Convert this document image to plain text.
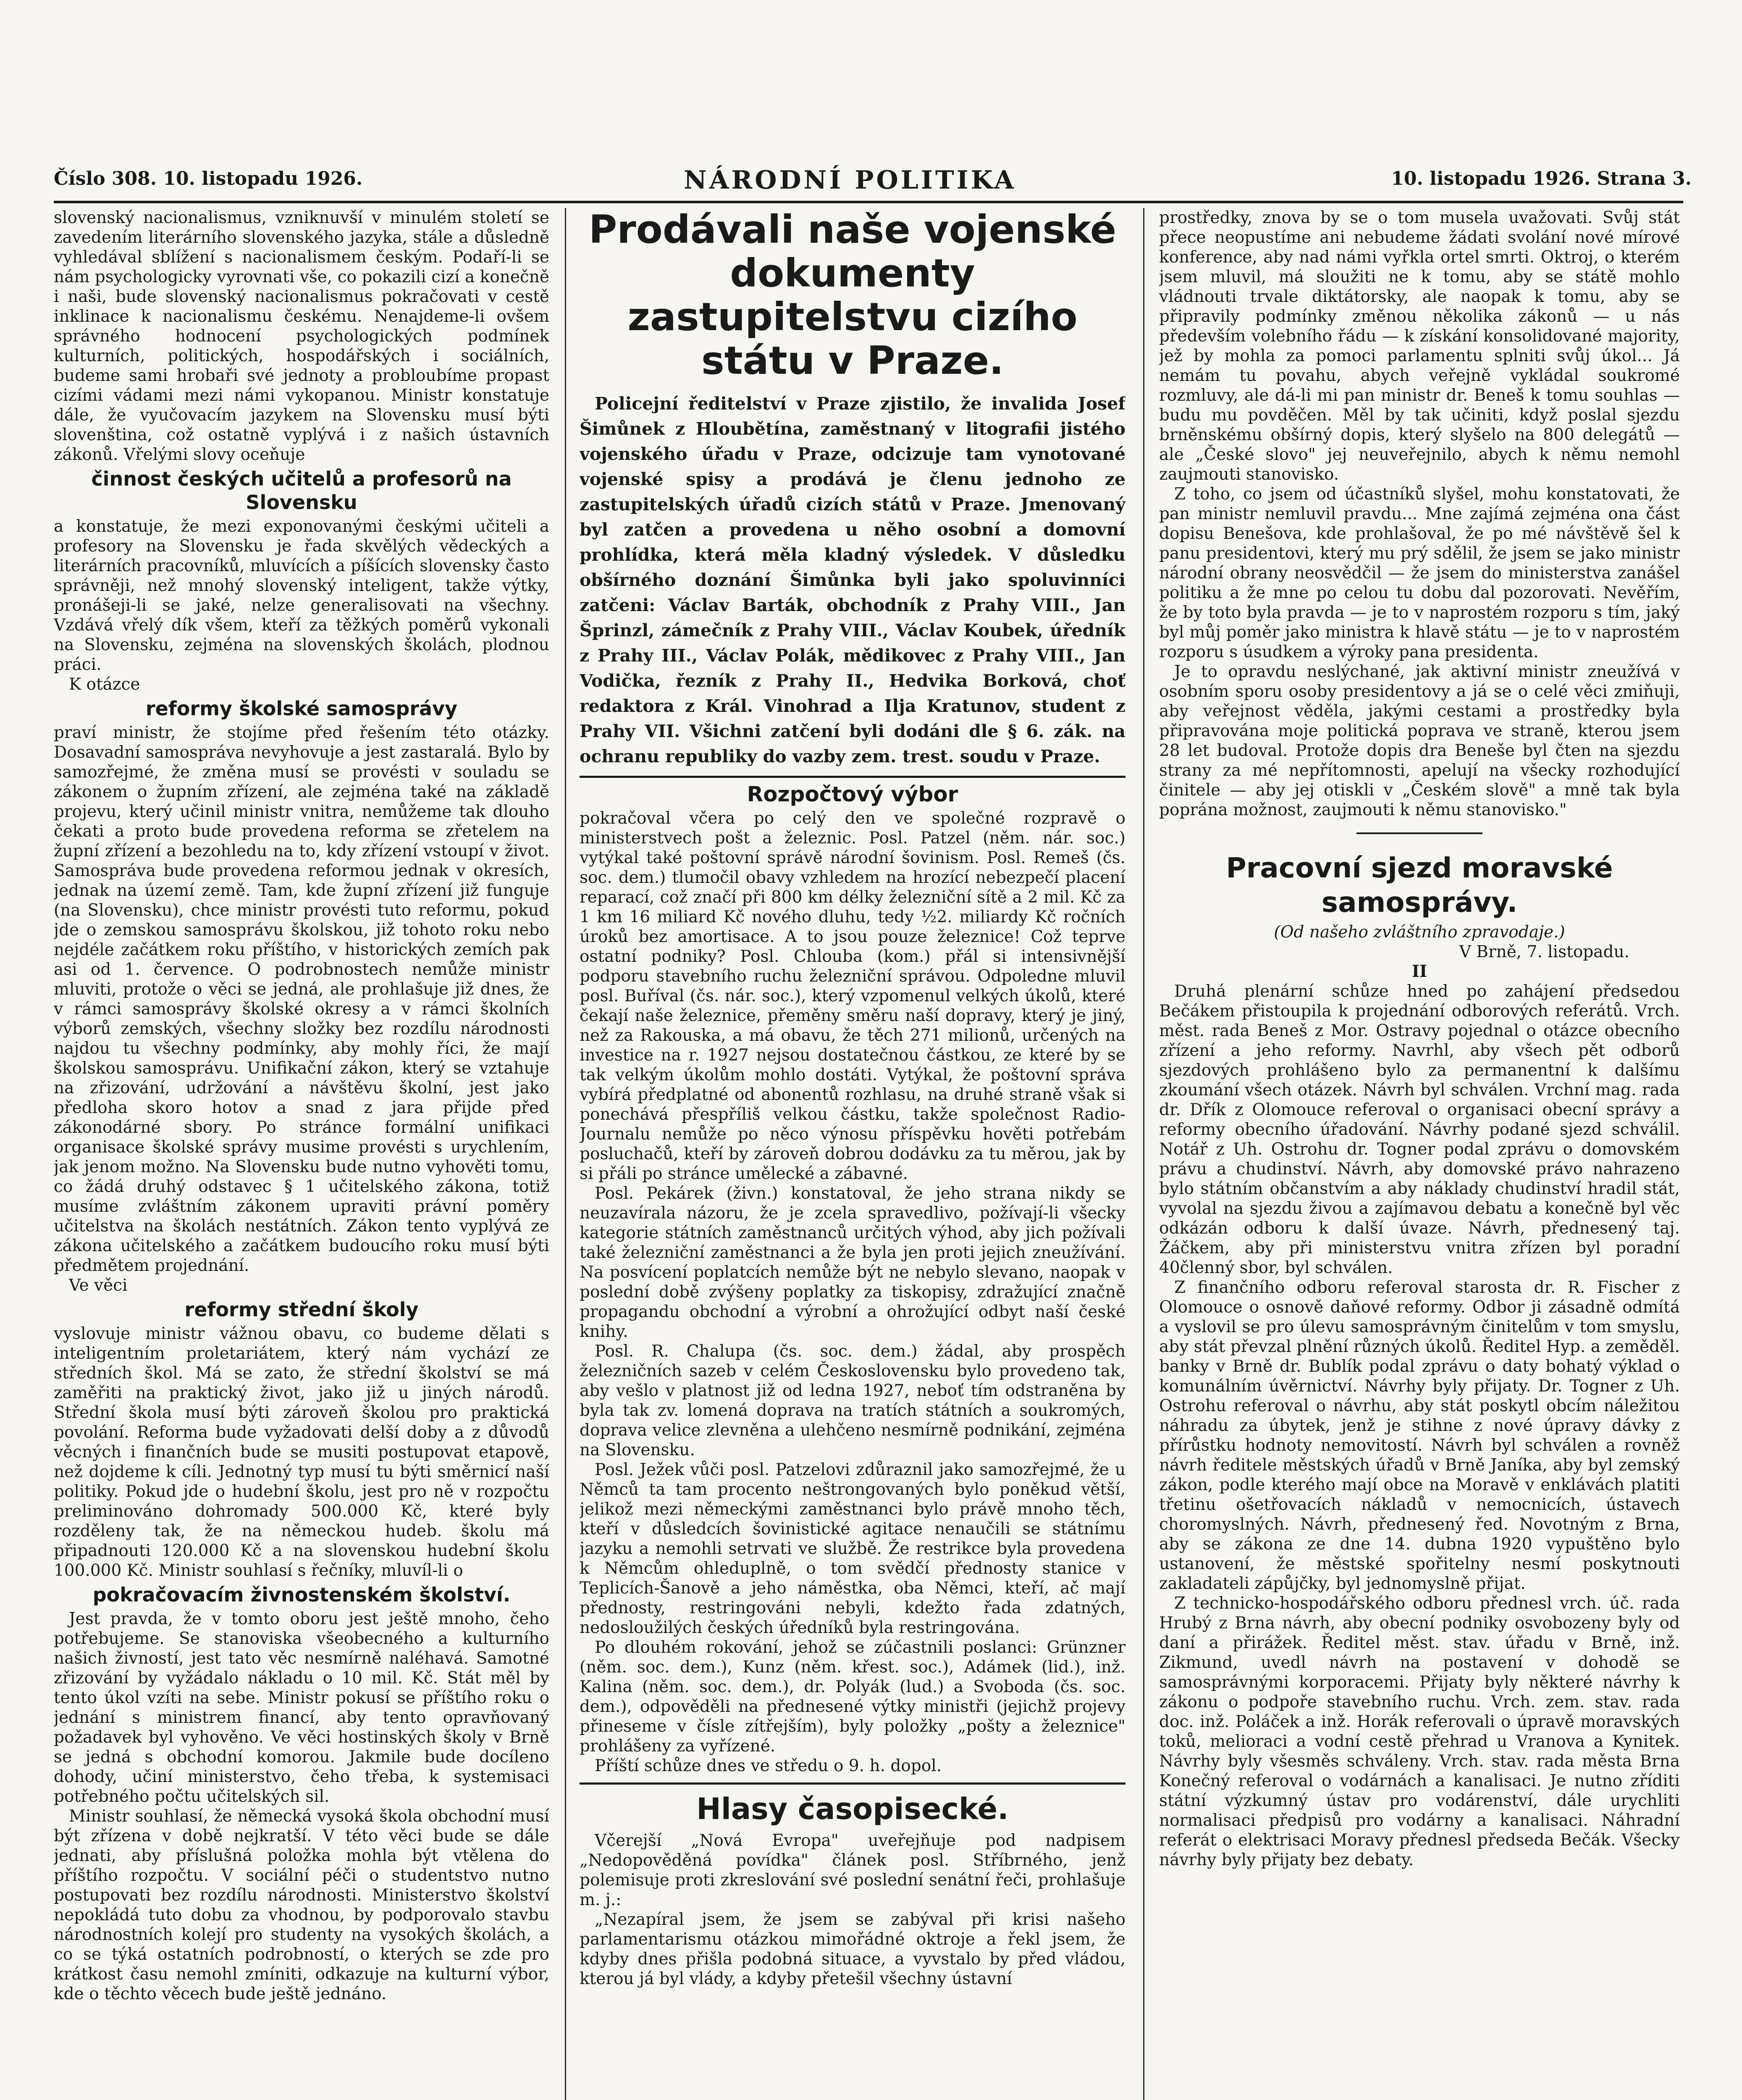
Číslo 308. 10. listopadu 1926.	NÁRODNÍ POLITIKA	10. listopadu 1926. Strana 3.

slovenský nacionalismus, vzniknuvší v minulém století se zavedením literárního slovenského jazyka, stále a důsledně vyhledával sblížení s nacionalismem českým. Podaří-li se nám psychologicky vyrovnati vše, co pokazili cizí a konečně i naši, bude slovenský nacionalismus pokračovati v cestě inklinace k nacionalismu českému. Nenajdeme-li ovšem správného hodnocení psychologických podmínek kulturních, politických, hospodářských i sociálních, budeme sami hrobaři své jednoty a probloubíme propast cizími vádami mezi námi vykopanou. Ministr konstatuje dále, že vyučovacím jazykem na Slovensku musí býti slovenština, což ostatně vyplývá i z našich ústavních zákonů. Vřelými slovy oceňuje

činnost českých učitelů a profesorů na Slovensku

a konstatuje, že mezi exponovanými českými učiteli a profesory na Slovensku je řada skvělých vědeckých a literárních pracovníků, mluvících a píšících slovensky často správněji, než mnohý slovenský inteligent, takže výtky, pronášeji-li se jaké, nelze generalisovati na všechny. Vzdává vřelý dík všem, kteří za těžkých poměrů vykonali na Slovensku, zejména na slovenských školách, plodnou práci.

K otázce

reformy školské samosprávy

praví ministr, že stojíme před řešením této otázky. Dosavadní samospráva nevyhovuje a jest zastaralá. Bylo by samozřejmé, že změna musí se provésti v souladu se zákonem o župním zřízení, ale zejména také na základě projevu, který učinil ministr vnitra, nemůžeme tak dlouho čekati a proto bude provedena reforma se zřetelem na župní zřízení a bezohledu na to, kdy zřízení vstoupí v život. Samospráva bude provedena reformou jednak v okresích, jednak na území země. Tam, kde župní zřízení již funguje (na Slovensku), chce ministr provésti tuto reformu, pokud jde o zemskou samosprávu školskou, již tohoto roku nebo nejdéle začátkem roku příštího, v historických zemích pak asi od 1. července. O podrobnostech nemůže ministr mluviti, protože o věci se jedná, ale prohlašuje již dnes, že v rámci samosprávy školské okresy a v rámci školních výborů zemských, všechny složky bez rozdílu národnosti najdou tu všechny podmínky, aby mohly říci, že mají školskou samosprávu. Unifikační zákon, který se vztahuje na zřizování, udržování a návštěvu školní, jest jako předloha skoro hotov a snad z jara přijde před zákonodárné sbory. Po stránce formální unifikaci organisace školské správy musime provésti s urychlením, jak jenom možno. Na Slovensku bude nutno vyhověti tomu, co žádá druhý odstavec § 1 učitelského zákona, totiž musíme zvláštním zákonem upraviti právní poměry učitelstva na školách nestátních. Zákon tento vyplývá ze zákona učitelského a začátkem budoucího roku musí býti předmětem projednání.

Ve věci

reformy střední školy

vyslovuje ministr vážnou obavu, co budeme dělati s inteligentním proletariátem, který nám vychází ze středních škol. Má se zato, že střední školství se má zaměřiti na praktický život, jako již u jiných národů. Střední škola musí býti zároveň školou pro praktická povolání. Reforma bude vyžadovati delší doby a z důvodů věcných i finančních bude se musiti postupovat etapově, než dojdeme k cíli. Jednotný typ musí tu býti směrnicí naší politiky. Pokud jde o hudební školu, jest pro ně v rozpočtu preliminováno dohromady 500.000 Kč, které byly rozděleny tak, že na německou hudeb. školu má připadnouti 120.000 Kč a na slovenskou hudební školu 100.000 Kč. Ministr souhlasí s řečníky, mluvíl-li o

pokračovacím živnostenském školství.

Jest pravda, že v tomto oboru jest ještě mnoho, čeho potřebujeme. Se stanoviska všeobecného a kulturního našich živností, jest tato věc nesmírně naléhavá. Samotné zřizování by vyžádalo nákladu o 10 mil. Kč. Stát měl by tento úkol vzíti na sebe. Ministr pokusí se příštího roku o jednání s ministrem financí, aby tento opravňovaný požadavek byl vyhověno. Ve věci hostinských školy v Brně se jedná s obchodní komorou. Jakmile bude docíleno dohody, učiní ministerstvo, čeho třeba, k systemisaci potřebného počtu učitelských sil.

Ministr souhlasí, že německá vysoká škola obchodní musí být zřízena v době nejkratší. V této věci bude se dále jednati, aby příslušná položka mohla být vtělena do příštího rozpočtu. V sociální péči o studentstvo nutno postupovati bez rozdílu národnosti. Ministerstvo školství nepokládá tuto dobu za vhodnou, by podporovalo stavbu národnostních kolejí pro studenty na vysokých školách, a co se týká ostatních podrobností, o kterých se zde pro krátkost času nemohl zmíniti, odkazuje na kulturní výbor, kde o těchto věcech bude ještě jednáno.

Prodávali naše vojenské dokumenty zastupitelstvu cizího státu v Praze.

Policejní ředitelství v Praze zjistilo, že invalida Josef Šimůnek z Hloubětína, zaměstnaný v litografii jistého vojenského úřadu v Praze, odcizuje tam vynotované vojenské spisy a prodává je členu jednoho ze zastupitelských úřadů cizích států v Praze. Jmenovaný byl zatčen a provedena u něho osobní a domovní prohlídka, která měla kladný výsledek. V důsledku obšírného doznání Šimůnka byli jako spoluvinníci zatčeni: Václav Barták, obchodník z Prahy VIII., Jan Šprinzl, zámečník z Prahy VIII., Václav Koubek, úředník z Prahy III., Václav Polák, mědikovec z Prahy VIII., Jan Vodička, řezník z Prahy II., Hedvika Borková, choť redaktora z Král. Vinohrad a Ilja Kratunov, student z Prahy VII. Všichni zatčení byli dodáni dle § 6. zák. na ochranu republiky do vazby zem. trest. soudu v Praze.

Rozpočtový výbor

pokračoval včera po celý den ve společné rozpravě o ministerstvech pošt a železnic. Posl. Patzel (něm. nár. soc.) vytýkal také poštovní správě národní šovinism. Posl. Remeš (čs. soc. dem.) tlumočil obavy vzhledem na hrozící nebezpečí placení reparací, což značí při 800 km délky železniční sítě a 2 mil. Kč za 1 km 16 miliard Kč nového dluhu, tedy ½2. miliardy Kč ročních úroků bez amortisace. A to jsou pouze železnice! Což teprve ostatní podniky? Posl. Chlouba (kom.) přál si intensivnější podporu stavebního ruchu železniční správou. Odpoledne mluvil posl. Buříval (čs. nár. soc.), který vzpomenul velkých úkolů, které čekají naše železnice, přeměny směru naší dopravy, který je jiný, než za Rakouska, a má obavu, že těch 271 milionů, určených na investice na r. 1927 nejsou dostatečnou částkou, ze které by se tak velkým úkolům mohlo dostáti. Vytýkal, že poštovní správa vybírá předplatné od abonentů rozhlasu, na druhé straně však si ponechává přespříliš velkou částku, takže společnost Radio-Journalu nemůže po něco výnosu příspěvku hověti potřebám posluchačů, kteří by zároveň dobrou dodávku za tu měrou, jak by si přáli po stránce umělecké a zábavné.

Posl. Pekárek (živn.) konstatoval, že jeho strana nikdy se neuzavírala názoru, že je zcela spravedlivo, požívají-li všecky kategorie státních zaměstnanců určitých výhod, aby jich požívali také železniční zaměstnanci a že byla jen proti jejich zneužívání. Na posvícení poplatcích nemůže být ne nebylo slevano, naopak v poslední době zvýšeny poplatky za tiskopisy, zdražující značně propagandu obchodní a výrobní a ohrožující odbyt naší české knihy.

Posl. R. Chalupa (čs. soc. dem.) žádal, aby prospěch železničních sazeb v celém Československu bylo provedeno tak, aby vešlo v platnost již od ledna 1927, neboť tím odstraněna by byla tak zv. lomená doprava na tratích státních a soukromých, doprava velice zlevněna a ulehčeno nesmírně podnikání, zejména na Slovensku.

Posl. Ježek vůči posl. Patzelovi zdůraznil jako samozřejmé, že u Němců ta tam procento neštrongovaných bylo poněkud větší, jelikož mezi německými zaměstnanci bylo právě mnoho těch, kteří v důsledcích šovinistické agitace nenaučili se státnímu jazyku a nemohli setrvati ve službě. Že restrikce byla provedena k Němcům ohleduplně, o tom svědčí přednosty stanice v Teplicích-Šanově a jeho náměstka, oba Němci, kteří, ač mají přednosty, restringováni nebyli, kdežto řada zdatných, nedosloužilých českých úředníků byla restringována.

Po dlouhém rokování, jehož se zúčastnili poslanci: Grünzner (něm. soc. dem.), Kunz (něm. křest. soc.), Adámek (lid.), inž. Kalina (něm. soc. dem.), dr. Polyák (lud.) a Svoboda (čs. soc. dem.), odpověděli na přednesené výtky ministři (jejichž projevy přineseme v čísle zítřejším), byly položky „pošty a železnice" prohlášeny za vyřízené.

Příští schůze dnes ve středu o 9. h. dopol.

Hlasy časopisecké.

Včerejší „Nová Evropa" uveřejňuje pod nadpisem „Nedopověděná povídka" článek posl. Stříbrného, jenž polemisuje proti zkreslování své poslední senátní řeči, prohlašuje m. j.:

„Nezapíral jsem, že jsem se zabýval při krisi našeho parlamentarismu otázkou mimořádné oktroje a řekl jsem, že kdyby dnes přišla podobná situace, a vyvstalo by před vládou, kterou já byl vlády, a kdyby přetešil všechny ústavní

prostředky, znova by se o tom musela uvažovati. Svůj stát přece neopustíme ani nebudeme žádati svolání nové mírové konference, aby nad námi vyřkla ortel smrti. Oktroj, o kterém jsem mluvil, má sloužiti ne k tomu, aby se státě mohlo vládnouti trvale diktátorsky, ale naopak k tomu, aby se připravily podmínky změnou několika zákonů — u nás především volebního řádu — k získání konsolidované majority, jež by mohla za pomoci parlamentu splniti svůj úkol... Já nemám tu povahu, abych veřejně vykládal soukromé rozmluvy, ale dá-li mi pan ministr dr. Beneš k tomu souhlas — budu mu povděčen. Měl by tak učiniti, když poslal sjezdu brněnskému obšírný dopis, který slyšelo na 800 delegátů — ale „České slovo" jej neuveřejnilo, abych k němu nemohl zaujmouti stanovisko.

Z toho, co jsem od účastníků slyšel, mohu konstatovati, že pan ministr nemluvil pravdu... Mne zajímá zejména ona část dopisu Benešova, kde prohlašoval, že po mé návštěvě šel k panu presidentovi, který mu prý sdělil, že jsem se jako ministr národní obrany neosvědčil — že jsem do ministerstva zanášel politiku a že mne po celou tu dobu dal pozorovati. Nevěřím, že by toto byla pravda — je to v naprostém rozporu s tím, jaký byl můj poměr jako ministra k hlavě státu — je to v naprostém rozporu s úsudkem a výroky pana presidenta.

Je to opravdu neslýchané, jak aktivní ministr zneužívá v osobním sporu osoby presidentovy a já se o celé věci zmiňuji, aby veřejnost věděla, jakými cestami a prostředky byla připravována moje politická poprava ve straně, kterou jsem 28 let budoval. Protože dopis dra Beneše byl čten na sjezdu strany za mé nepřítomnosti, apelují na všecky rozhodující činitele — aby jej otiskli v „Českém slově" a mně tak byla poprána možnost, zaujmouti k němu stanovisko."

Pracovní sjezd moravské samosprávy.
(Od našeho zvláštního zpravodaje.)
V Brně, 7. listopadu.
II

Druhá plenární schůze hned po zahájení předsedou Bečákem přistoupila k projednání odborových referátů. Vrch. měst. rada Beneš z Mor. Ostravy pojednal o otázce obecního zřízení a jeho reformy. Navrhl, aby všech pět odborů sjezdových prohlášeno bylo za permanentní k dalšímu zkoumání všech otázek. Návrh byl schválen. Vrchní mag. rada dr. Dřík z Olomouce referoval o organisaci obecní správy a reformy obecního úřadování. Návrhy podané sjezd schválil. Notář z Uh. Ostrohu dr. Togner podal zprávu o domovském právu a chudinství. Návrh, aby domovské právo nahrazeno bylo státním občanstvím a aby náklady chudinství hradil stát, vyvolal na sjezdu živou a zajímavou debatu a konečně byl věc odkázán odboru k další úvaze. Návrh, přednesený taj. Žáčkem, aby při ministerstvu vnitra zřízen byl poradní 40členný sbor, byl schválen.

Z finančního odboru referoval starosta dr. R. Fischer z Olomouce o osnově daňové reformy. Odbor ji zásadně odmítá a vyslovil se pro úlevu samosprávným činitelům v tom smyslu, aby stát převzal plnění různých úkolů. Ředitel Hyp. a zeměděl. banky v Brně dr. Bublík podal zprávu o daty bohatý výklad o komunálním úvěrnictví. Návrhy byly přijaty. Dr. Togner z Uh. Ostrohu referoval o návrhu, aby stát poskytl obcím náležitou náhradu za úbytek, jenž je stihne z nové úpravy dávky z přírůstku hodnoty nemovitostí. Návrh byl schválen a rovněž návrh ředitele městských úřadů v Brně Janíka, aby byl zemský zákon, podle kterého mají obce na Moravě v enklávách platiti třetinu ošetřovacích nákladů v nemocnicích, ústavech choromyslných. Návrh, přednesený řed. Novotným z Brna, aby se zákona ze dne 14. dubna 1920 vypuštěno bylo ustanovení, že městské spořitelny nesmí poskytnouti zakladateli zápůjčky, byl jednomyslně přijat.

Z technicko-hospodářského odboru přednesl vrch. úč. rada Hrubý z Brna návrh, aby obecní podniky osvobozeny byly od daní a přirážek. Ředitel měst. stav. úřadu v Brně, inž. Zikmund, uvedl návrh na postavení v dohodě se samosprávnými korporacemi. Přijaty byly některé návrhy k zákonu o podpoře stavebního ruchu. Vrch. zem. stav. rada doc. inž. Poláček a inž. Horák referovali o úpravě moravských toků, melioraci a vodní cestě přehrad u Vranova a Kynitek. Návrhy byly všesměs schváleny. Vrch. stav. rada města Brna Konečný referoval o vodárnách a kanalisaci. Je nutno zříditi státní výzkumný ústav pro vodárenství, dále urychliti normalisaci předpisů pro vodárny a kanalisaci. Náhradní referát o elektrisaci Moravy přednesl předseda Bečák. Všecky návrhy byly přijaty bez debaty.
